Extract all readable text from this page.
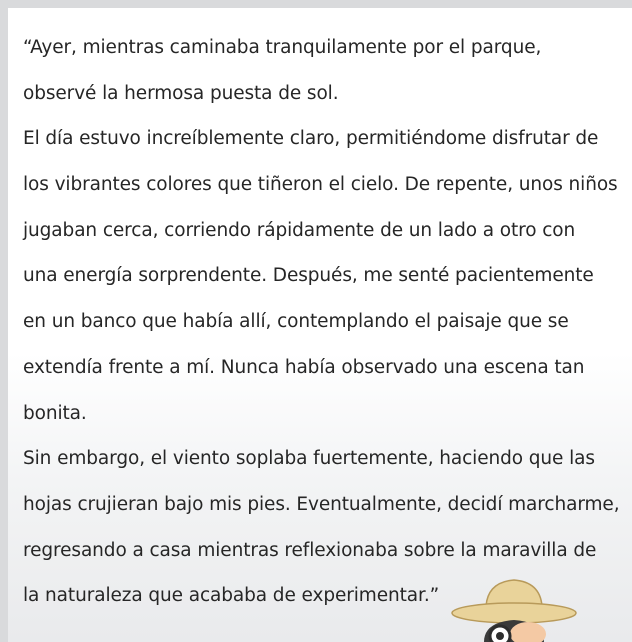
“Ayer, mientras caminaba tranquilamente por el parque,
observé la hermosa puesta de sol.
El día estuvo increíblemente claro, permitiéndome disfrutar de
los vibrantes colores que tiñeron el cielo. De repente, unos niños
jugaban cerca, corriendo rápidamente de un lado a otro con
una energía sorprendente. Después, me senté pacientemente
en un banco que había allí, contemplando el paisaje que se
extendía frente a mí. Nunca había observado una escena tan
bonita.
Sin embargo, el viento soplaba fuertemente, haciendo que las
hojas crujieran bajo mis pies. Eventualmente, decidí marcharme,
regresando a casa mientras reflexionaba sobre la maravilla de
la naturaleza que acababa de experimentar.”
